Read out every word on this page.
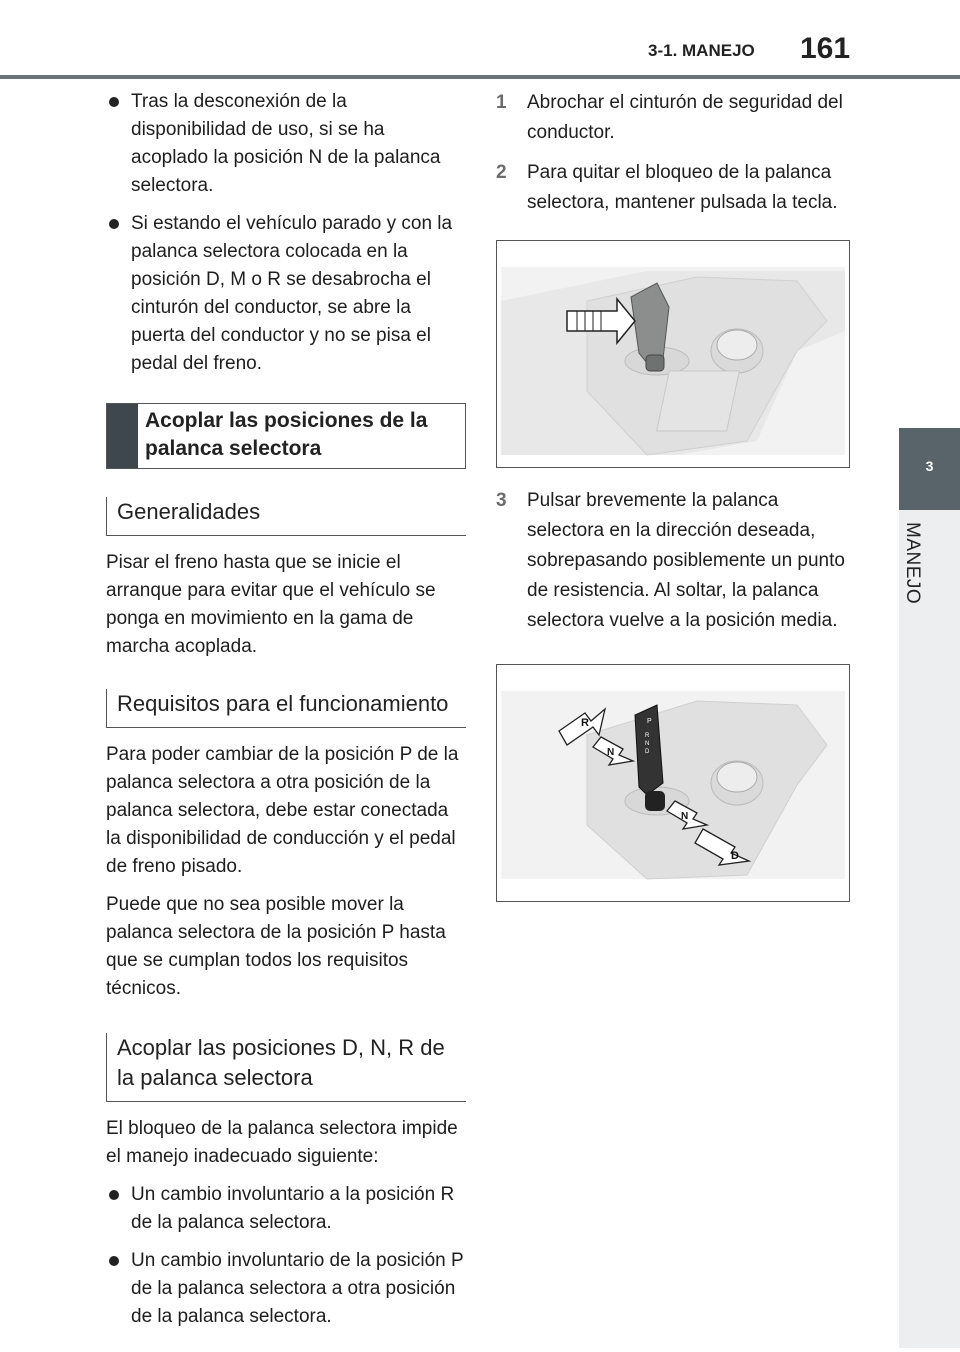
3-1. MANEJO 161
3
MANEJO
Tras la desconexión de la disponibilidad de uso, si se ha acoplado la posición N de la palanca selectora.
Si estando el vehículo parado y con la palanca selectora colocada en la posición D, M o R se desabrocha el cinturón del conductor, se abre la puerta del conductor y no se pisa el pedal del freno.
Acoplar las posiciones de la palanca selectora
Generalidades

Pisar el freno hasta que se inicie el arranque para evitar que el vehículo se ponga en movimiento en la gama de marcha acoplada.

Requisitos para el funcionamiento

Para poder cambiar de la posición P de la palanca selectora a otra posición de la palanca selectora, debe estar conectada la disponibilidad de conducción y el pedal de freno pisado.

Puede que no sea posible mover la palanca selectora de la posición P hasta que se cumplan todos los requisitos técnicos.

Acoplar las posiciones D, N, R de la palanca selectora

El bloqueo de la palanca selectora impide el manejo inadecuado siguiente:

Un cambio involuntario a la posición R de la palanca selectora.
Un cambio involuntario de la posición P de la palanca selectora a otra posición de la palanca selectora.
1 Abrochar el cinturón de seguridad del conductor.
2 Para quitar el bloqueo de la palanca selectora, mantener pulsada la tecla.
3 Pulsar brevemente la palanca selectora en la dirección deseada, sobrepasando posiblemente un punto de resistencia. Al soltar, la palanca selectora vuelve a la posición media.
P
R
N
D
R
N
N
D
